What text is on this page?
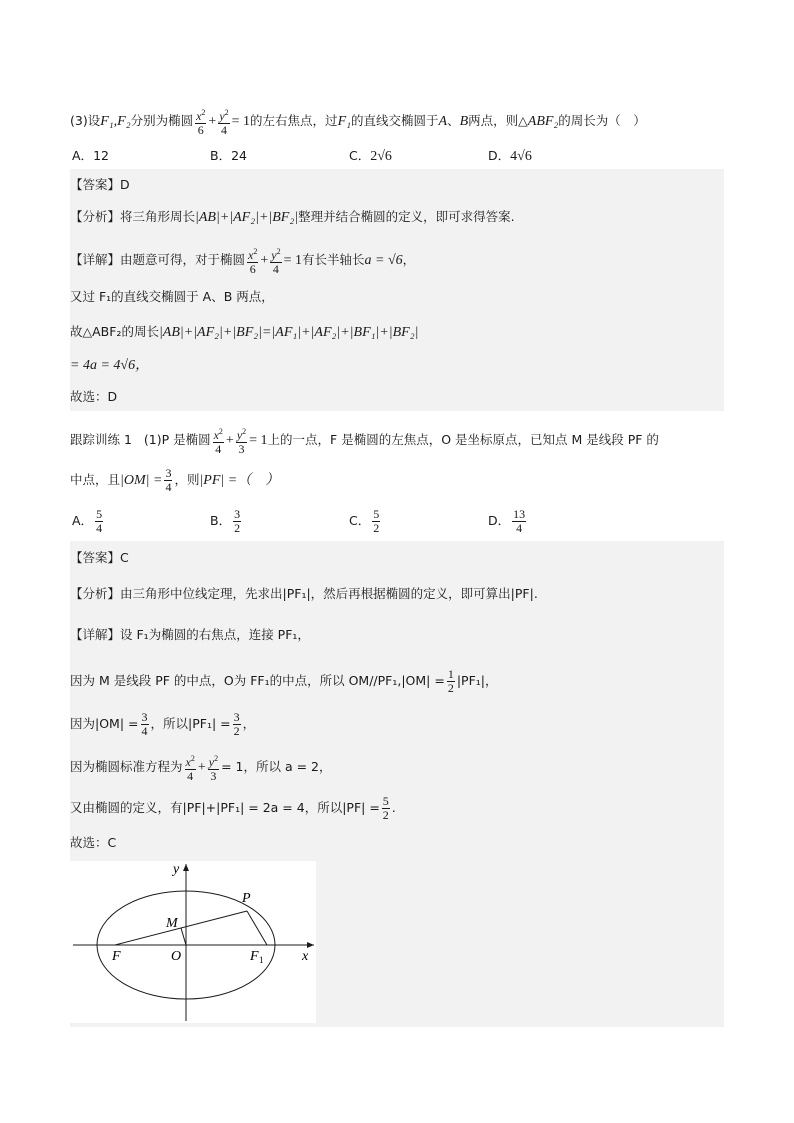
(3)设F₁,F₂分别为椭圆 $\frac{x^2}{6} + \frac{y^2}{4} = 1$的左右焦点，过F₁的直线交椭圆于A、B两点，则△ABF₂的周长为（　）
A．12	B．24	C．2√6	D．4√6
【答案】D
【分析】将三角形周长|AB|+|AF₂|+|BF₂|整理并结合椭圆的定义，即可求得答案.
【详解】由题意可得，对于椭圆 $\frac{x^2}{6} + \frac{y^2}{4} = 1$有长半轴长a = √6，
又过 F₁的直线交椭圆于 A、B 两点，
故△ABF₂的周长|AB|+|AF₂|+|BF₂|=|AF₁|+|AF₂|+|BF₁|+|BF₂|
= 4a = 4√6，
故选：D
跟踪训练 1 (1)P 是椭圆 $\frac{x^2}{4} + \frac{y^2}{3} = 1$上的一点，F 是椭圆的左焦点，O 是坐标原点，已知点 M 是线段 PF 的
中点，且$|OM| = \frac{3}{4}$ ，则|PF| =（　）
A． $\frac{5}{4}$	B． $\frac{3}{2}$	C． $\frac{5}{2}$	D． $\frac{13}{4}$
【答案】C
【分析】由三角形中位线定理，先求出|PF₁|，然后再根据椭圆的定义，即可算出|PF|.
【详解】设 F₁为椭圆的右焦点，连接 PF₁，
因为 M 是线段 PF 的中点，O为 FF₁的中点，所以 $OM//PF_1,|OM| = \frac{1}{2} |PF_1|$，
因为$|OM| = \frac{3}{4}$ ，所以$|PF_1| = \frac{3}{2}$ ，
因为椭圆标准方程为 $\frac{x^2}{4} + \frac{y^2}{3} = 1$，所以 a = 2，
又由椭圆的定义，有|PF|+|PF₁| = 2a = 4，所以$|PF| = \frac{5}{2}$ .
故选：C
y
x
P
M
F	O	F 1
